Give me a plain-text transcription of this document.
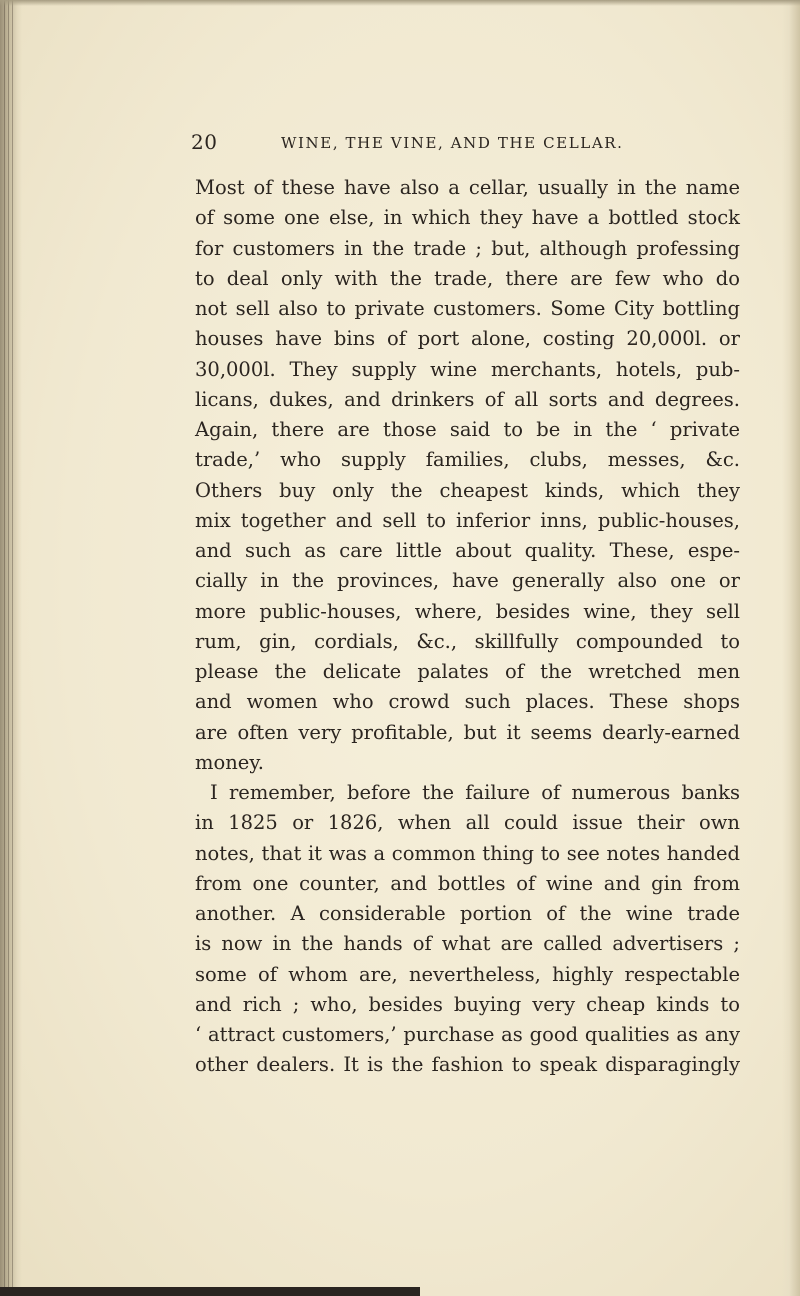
20	WINE, THE VINE, AND THE CELLAR.
Most of these have also a cellar, usually in the name
of some one else, in which they have a bottled stock
for customers in the trade ; but, although professing
to deal only with the trade, there are few who do
not sell also to private customers. Some City bottling
houses have bins of port alone, costing 20,000l. or
30,000l. They supply wine merchants, hotels, pub-
licans, dukes, and drinkers of all sorts and degrees.
Again, there are those said to be in the ‘ private
trade,’ who supply families, clubs, messes, &c.
Others buy only the cheapest kinds, which they
mix together and sell to inferior inns, public-houses,
and such as care little about quality. These, espe-
cially in the provinces, have generally also one or
more public-houses, where, besides wine, they sell
rum, gin, cordials, &c., skillfully compounded to
please the delicate palates of the wretched men
and women who crowd such places. These shops
are often very profitable, but it seems dearly-earned
money.
I remember, before the failure of numerous banks
in 1825 or 1826, when all could issue their own
notes, that it was a common thing to see notes handed
from one counter, and bottles of wine and gin from
another. A considerable portion of the wine trade
is now in the hands of what are called advertisers ;
some of whom are, nevertheless, highly respectable
and rich ; who, besides buying very cheap kinds to
‘ attract customers,’ purchase as good qualities as any
other dealers. It is the fashion to speak disparagingly
